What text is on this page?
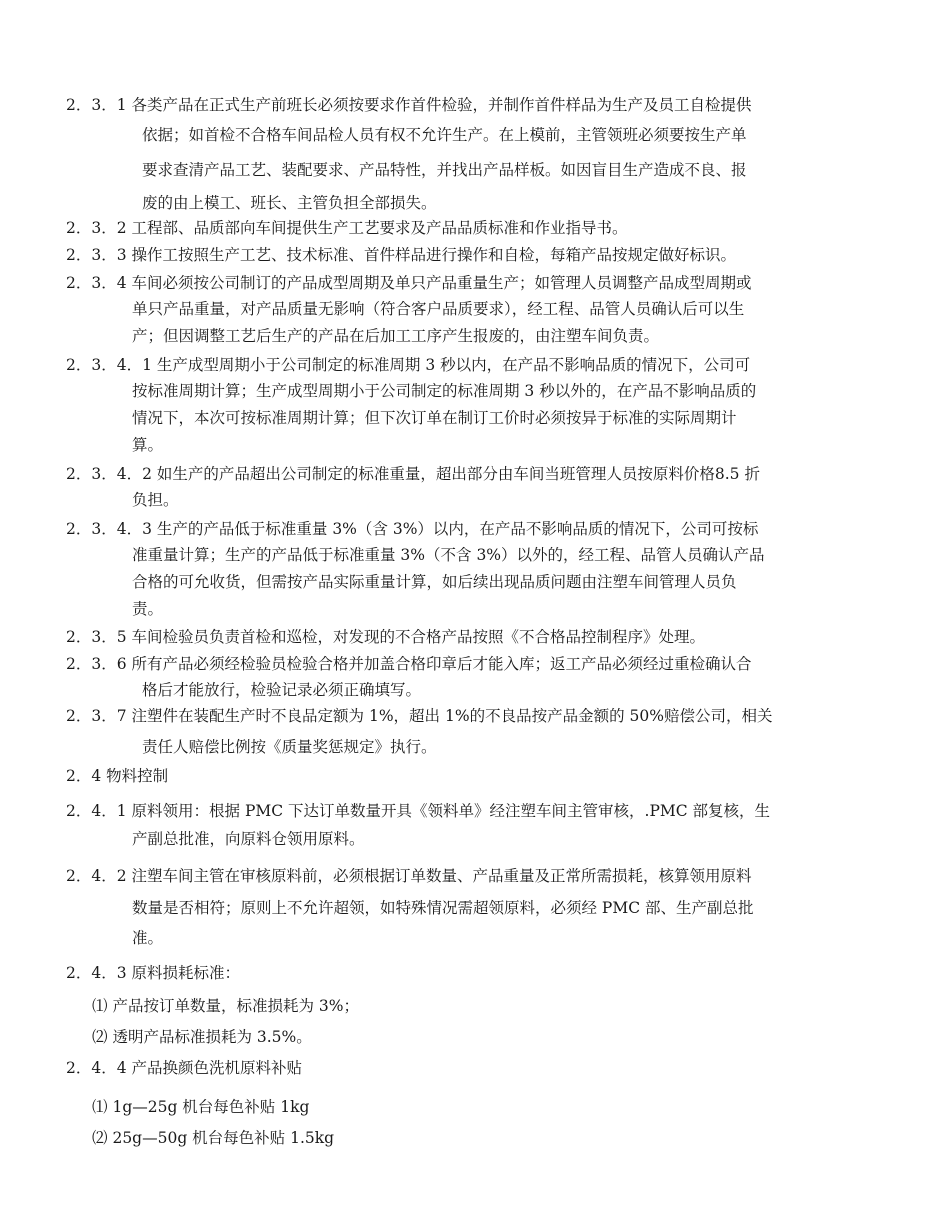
2．3．1 各类产品在正式生产前班长必须按要求作首件检验，并制作首件样品为生产及员工自检提供
依据；如首检不合格车间品检人员有权不允许生产。在上模前，主管领班必须要按生产单
要求查清产品工艺、装配要求、产品特性，并找出产品样板。如因盲目生产造成不良、报
废的由上模工、班长、主管负担全部损失。
2．3．2 工程部、品质部向车间提供生产工艺要求及产品品质标准和作业指导书。
2．3．3 操作工按照生产工艺、技术标准、首件样品进行操作和自检，每箱产品按规定做好标识。
2．3．4 车间必须按公司制订的产品成型周期及单只产品重量生产；如管理人员调整产品成型周期或
单只产品重量，对产品质量无影响（符合客户品质要求），经工程、品管人员确认后可以生
产；但因调整工艺后生产的产品在后加工工序产生报废的，由注塑车间负责。
2．3．4．1 生产成型周期小于公司制定的标准周期 3 秒以内，在产品不影响品质的情况下，公司可
按标准周期计算；生产成型周期小于公司制定的标准周期 3 秒以外的，在产品不影响品质的
情况下，本次可按标准周期计算；但下次订单在制订工价时必须按异于标准的实际周期计
算。
2．3．4．2 如生产的产品超出公司制定的标准重量，超出部分由车间当班管理人员按原料价格8.5 折
负担。
2．3．4．3 生产的产品低于标准重量 3%（含 3%）以内，在产品不影响品质的情况下，公司可按标
准重量计算；生产的产品低于标准重量 3%（不含 3%）以外的，经工程、品管人员确认产品
合格的可允收货，但需按产品实际重量计算，如后续出现品质问题由注塑车间管理人员负
责。
2．3．5 车间检验员负责首检和巡检，对发现的不合格产品按照《不合格品控制程序》处理。
2．3．6 所有产品必须经检验员检验合格并加盖合格印章后才能入库；返工产品必须经过重检确认合
格后才能放行，检验记录必须正确填写。
2．3．7 注塑件在装配生产时不良品定额为 1%，超出 1%的不良品按产品金额的 50%赔偿公司，相关
责任人赔偿比例按《质量奖惩规定》执行。
2．4 物料控制
2．4．1 原料领用：根据 PMC 下达订单数量开具《领料单》经注塑车间主管审核，.PMC 部复核，生
产副总批准，向原料仓领用原料。
2．4．2 注塑车间主管在审核原料前，必须根据订单数量、产品重量及正常所需损耗，核算领用原料
数量是否相符；原则上不允许超领，如特殊情况需超领原料，必须经 PMC 部、生产副总批
准。
2．4．3 原料损耗标准：
⑴ 产品按订单数量，标准损耗为 3%；
⑵ 透明产品标准损耗为 3.5%。
2．4．4 产品换颜色洗机原料补贴
⑴ 1g—25g 机台每色补贴 1kg
⑵ 25g—50g 机台每色补贴 1.5kg
